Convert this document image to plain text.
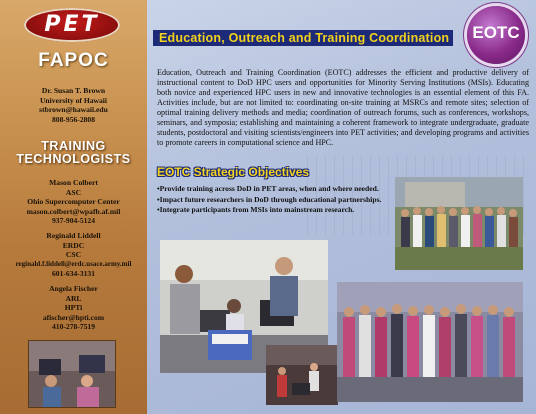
PET
FAPOC
Dr. Susan T. Brown
University of Hawaii
stbrown@hawaii.edu
808-956-2808
TRAINING
TECHNOLOGISTS
Mason Colbert
ASC
Ohio Supercomputer Center
mason.colbert@wpafb.af.mil
937-904-5124
Reginald Liddell
ERDC
CSC
reginald.f.liddell@erdc.usace.army.mil
601-634-3131
Angela Fischer
ARL
HPTi
afischer@hpti.com
410-278-7519
Education, Outreach and Training Coordination	EOTC
Education, Outreach and Training Coordination (EOTC) addresses the efficient and productive delivery of instructional content to DoD HPC users and opportunities for Minority Serving Institutions (MSIs). Educating both novice and experienced HPC users in new and innovative technologies is an essential element of this FA. Activities include, but are not limited to: coordinating on-site training at MSRCs and remote sites; selection of optimal training delivery methods and media; coordination of outreach forums, such as conferences, workshops, seminars, and symposia; establishing and maintaining a coherent framework to integrate undergraduate, graduate students, postdoctoral and visiting scientists/engineers into PET activities; and developing programs and activities to promote careers in computational science and HPC.
EOTC Strategic Objectives
•Provide training across DoD in PET areas, when and where needed.
•Impact future researchers in DoD through educational partnerships.
•Integrate participants from MSIs into mainstream research.
